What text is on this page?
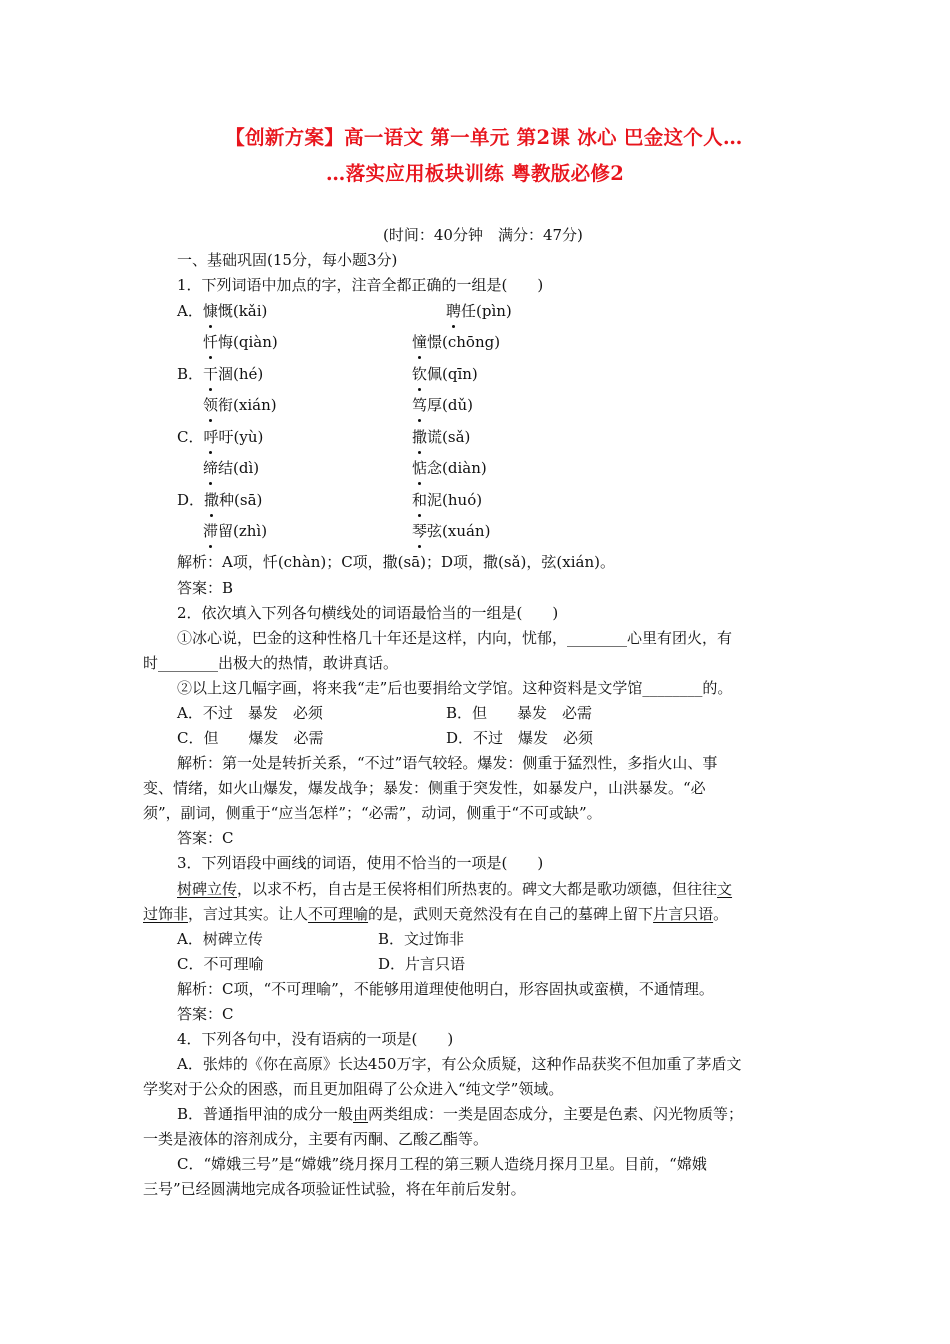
【创新方案】高一语文 第一单元 第2课 冰心 巴金这个人…
…落实应用板块训练 粤教版必修2
(时间：40分钟　满分：47分)
一、基础巩固(15分，每小题3分)
1．下列词语中加点的字，注音全都正确的一组是(　　)
A．慷慨(kǎi)	聘任(pìn)
忏悔(qiàn)	憧憬(chōng)
B．干涸(hé)	钦佩(qīn)
领衔(xián)	笃厚(dǔ)
C．呼吁(yù)	撒谎(sǎ)
缔结(dì)	惦念(diàn)
D．撒种(sā)	和泥(huó)
滞留(zhì)	琴弦(xuán)
解析：A项，忏(chàn)；C项，撒(sā)；D项，撒(sǎ)，弦(xián)。
答案：B
2．依次填入下列各句横线处的词语最恰当的一组是(　　)
①冰心说，巴金的这种性格几十年还是这样，内向，忧郁，________心里有团火，有
时________出极大的热情，敢讲真话。
②以上这几幅字画，将来我“走”后也要捐给文学馆。这种资料是文学馆________的。
A．不过　暴发　必须	B．但　　暴发　必需
C．但　　爆发　必需	D．不过　爆发　必须
解析：第一处是转折关系，“不过”语气较轻。爆发：侧重于猛烈性，多指火山、事
变、情绪，如火山爆发，爆发战争；暴发：侧重于突发性，如暴发户，山洪暴发。“必
须”，副词，侧重于“应当怎样”；“必需”，动词，侧重于“不可或缺”。
答案：C
3．下列语段中画线的词语，使用不恰当的一项是(　　)
树碑立传，以求不朽，自古是王侯将相们所热衷的。碑文大都是歌功颂德，但往往文
过饰非，言过其实。让人不可理喻的是，武则天竟然没有在自己的墓碑上留下片言只语。
A．树碑立传	B．文过饰非
C．不可理喻	D．片言只语
解析：C项，“不可理喻”，不能够用道理使他明白，形容固执或蛮横，不通情理。
答案：C
4．下列各句中，没有语病的一项是(　　)
A．张炜的《你在高原》长达450万字，有公众质疑，这种作品获奖不但加重了茅盾文
学奖对于公众的困惑，而且更加阻碍了公众进入“纯文学”领域。
B．普通指甲油的成分一般由两类组成：一类是固态成分，主要是色素、闪光物质等；
一类是液体的溶剂成分，主要有丙酮、乙酸乙酯等。
C．“嫦娥三号”是“嫦娥”绕月探月工程的第三颗人造绕月探月卫星。目前，“嫦娥
三号”已经圆满地完成各项验证性试验，将在年前后发射。
